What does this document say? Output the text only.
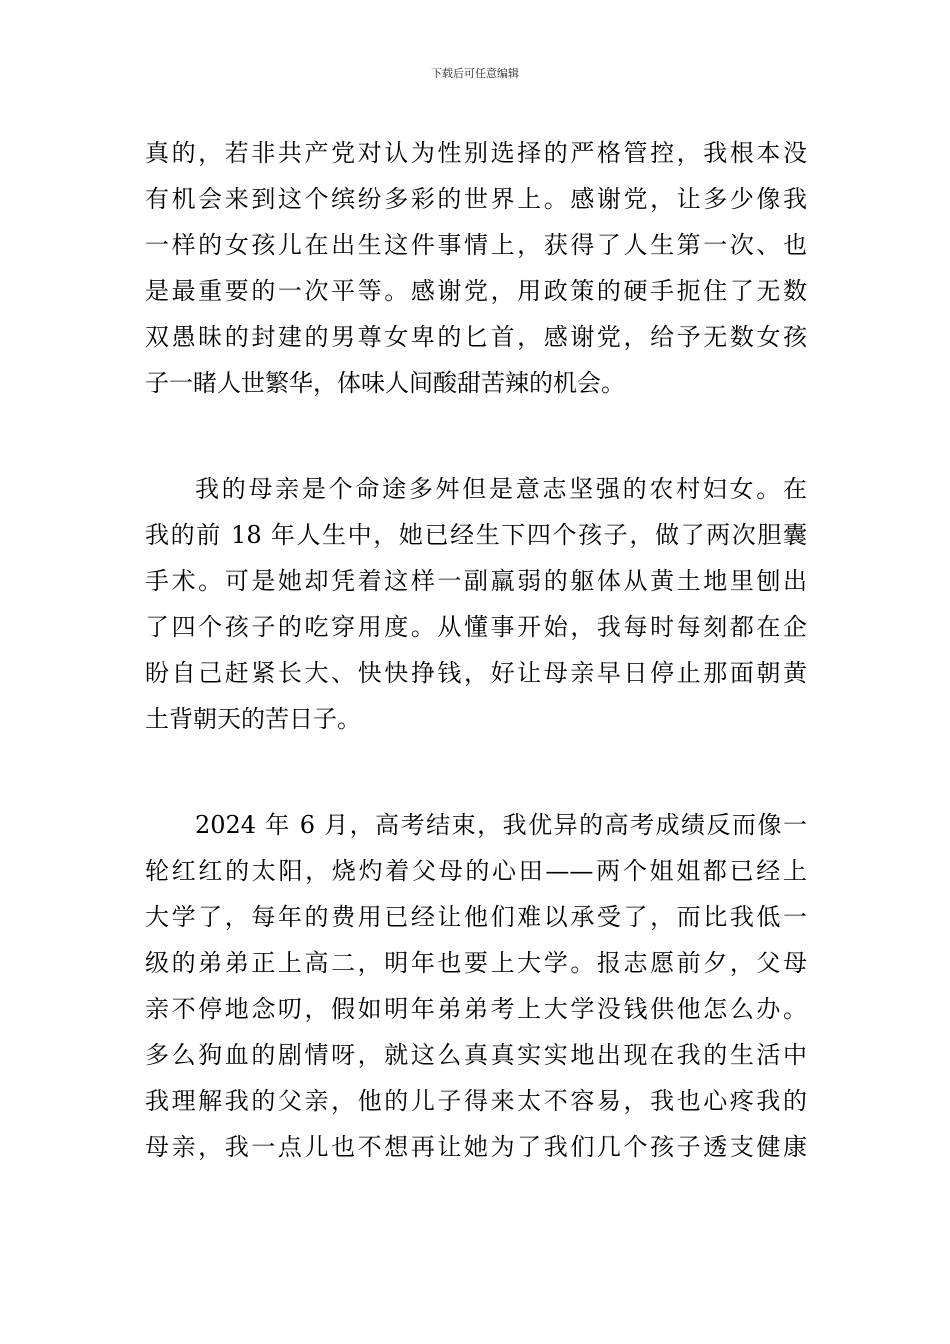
下载后可任意编辑
真的，若非共产党对认为性别选择的严格管控，我根本没
有机会来到这个缤纷多彩的世界上。感谢党，让多少像我
一样的女孩儿在出生这件事情上，获得了人生第一次、也
是最重要的一次平等。感谢党，用政策的硬手扼住了无数
双愚昧的封建的男尊女卑的匕首，感谢党，给予无数女孩
子一睹人世繁华，体味人间酸甜苦辣的机会。
我的母亲是个命途多舛但是意志坚强的农村妇女。在
我的前 18 年人生中，她已经生下四个孩子，做了两次胆囊
手术。可是她却凭着这样一副羸弱的躯体从黄土地里刨出
了四个孩子的吃穿用度。从懂事开始，我每时每刻都在企
盼自己赶紧长大、快快挣钱，好让母亲早日停止那面朝黄
土背朝天的苦日子。
2024 年 6 月，高考结束，我优异的高考成绩反而像一
轮红红的太阳，烧灼着父母的心田——两个姐姐都已经上
大学了，每年的费用已经让他们难以承受了，而比我低一
级的弟弟正上高二，明年也要上大学。报志愿前夕，父母
亲不停地念叨，假如明年弟弟考上大学没钱供他怎么办。
多么狗血的剧情呀，就这么真真实实地出现在我的生活中
我理解我的父亲，他的儿子得来太不容易，我也心疼我的
母亲，我一点儿也不想再让她为了我们几个孩子透支健康
